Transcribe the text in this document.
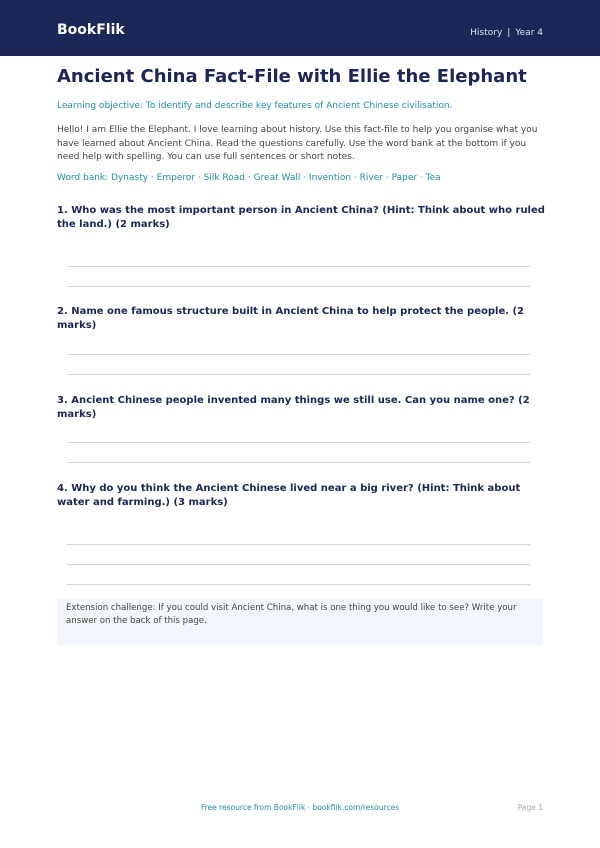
BookFlik	History | Year 4
Ancient China Fact-File with Ellie the Elephant
Learning objective: To identify and describe key features of Ancient Chinese civilisation.
Hello! I am Ellie the Elephant. I love learning about history. Use this fact-file to help you organise what you have learned about Ancient China. Read the questions carefully. Use the word bank at the bottom if you need help with spelling. You can use full sentences or short notes.
Word bank: Dynasty · Emperor · Silk Road · Great Wall · Invention · River · Paper · Tea
1. Who was the most important person in Ancient China? (Hint: Think about who ruled the land.) (2 marks)
2. Name one famous structure built in Ancient China to help protect the people. (2 marks)
3. Ancient Chinese people invented many things we still use. Can you name one? (2 marks)
4. Why do you think the Ancient Chinese lived near a big river? (Hint: Think about water and farming.) (3 marks)
Extension challenge: If you could visit Ancient China, what is one thing you would like to see? Write your answer on the back of this page.
Free resource from BookFlik · bookflik.com/resources	Page 1
